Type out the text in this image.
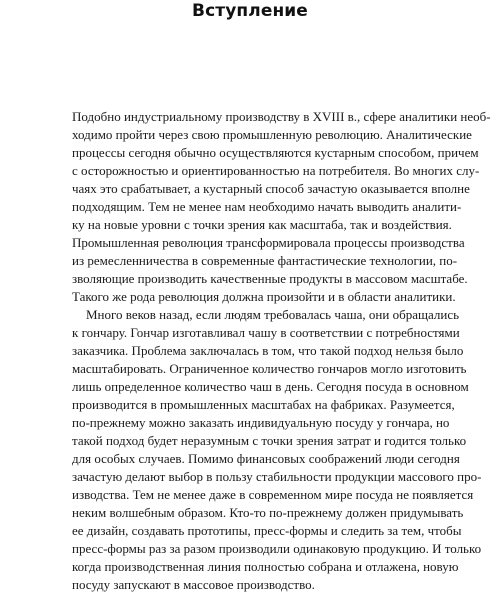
Вступление
Подобно индустриальному производству в XVIII в., сфере аналитики необ-
ходимо пройти через свою промышленную революцию. Аналитические
процессы сегодня обычно осуществляются кустарным способом, причем
с осторожностью и ориентированностью на потребителя. Во многих слу-
чаях это срабатывает, а кустарный способ зачастую оказывается вполне
подходящим. Тем не менее нам необходимо начать выводить аналити-
ку на новые уровни с точки зрения как масштаба, так и воздействия.
Промышленная революция трансформировала процессы производства
из ремесленничества в современные фантастические технологии, по-
зволяющие производить качественные продукты в массовом масштабе.
Такого же рода революция должна произойти и в области аналитики.
Много веков назад, если людям требовалась чаша, они обращались
к гончару. Гончар изготавливал чашу в соответствии с потребностями
заказчика. Проблема заключалась в том, что такой подход нельзя было
масштабировать. Ограниченное количество гончаров могло изготовить
лишь определенное количество чаш в день. Сегодня посуда в основном
производится в промышленных масштабах на фабриках. Разумеется,
по-прежнему можно заказать индивидуальную посуду у гончара, но
такой подход будет неразумным с точки зрения затрат и годится только
для особых случаев. Помимо финансовых соображений люди сегодня
зачастую делают выбор в пользу стабильности продукции массового про-
изводства. Тем не менее даже в современном мире посуда не появляется
неким волшебным образом. Кто-то по-прежнему должен придумывать
ее дизайн, создавать прототипы, пресс-формы и следить за тем, чтобы
пресс-формы раз за разом производили одинаковую продукцию. И только
когда производственная линия полностью собрана и отлажена, новую
посуду запускают в массовое производство.
